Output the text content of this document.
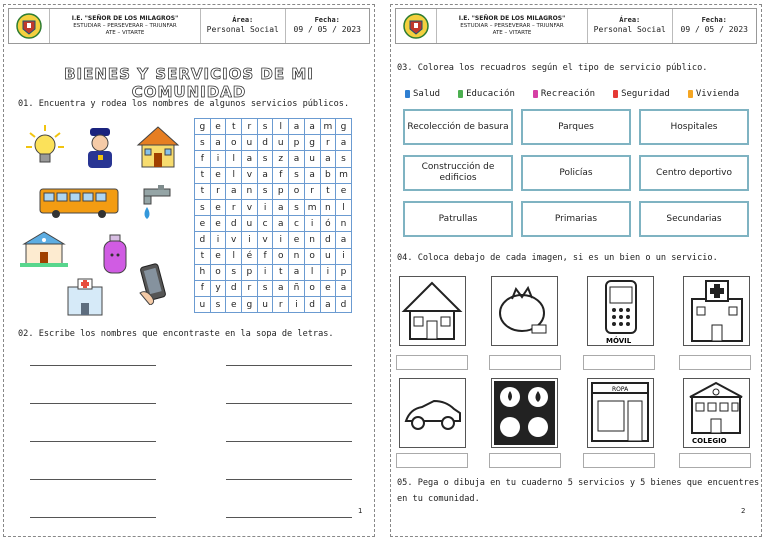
I.E. "SEÑOR DE LOS MILAGROS"
ESTUDIAR – PERSEVERAR – TRIUNFAR
ATE – VITARTE
Área:
Personal Social
Fecha:
09 / 05 / 2023
BIENES Y SERVICIOS DE MI COMUNIDAD
01. Encuentra y rodea los nombres de algunos servicios públicos.
g	e	t	r	s	l	a	a	m	g
s	a	o	u	d	u	p	g	r	a
f	i	l	a	s	z	a	u	a	s
t	e	l	v	a	f	s	a	b	m
t	r	a	n	s	p	o	r	t	e
s	e	r	v	i	a	s	m	n	l
e	e	d	u	c	a	c	i	ó	n
d	i	v	i	v	i	e	n	d	a
t	e	l	é	f	o	n	o	u	i
h	o	s	p	i	t	a	l	i	p
f	y	d	r	s	a	ñ	o	e	a
u	s	e	g	u	r	i	d	a	d
02. Escribe los nombres que encontraste en la sopa de letras.
1
I.E. "SEÑOR DE LOS MILAGROS"
ESTUDIAR – PERSEVERAR – TRIUNFAR
ATE – VITARTE
Área:
Personal Social
Fecha:
09 / 05 / 2023
03. Colorea los recuadros según el tipo de servicio público.
Salud	Educación	Recreación	Seguridad	Vivienda
Recolección de basura	Parques	Hospitales
Construcción de edificios
Policías	Centro deportivo
Patrullas	Primarias	Secundarias
04. Coloca debajo de cada imagen, si es un bien o un servicio.
MÓVIL
ROPA
COLEGIO
05. Pega o dibuja en tu cuaderno 5 servicios y 5 bienes que encuentres
en tu comunidad.
2
